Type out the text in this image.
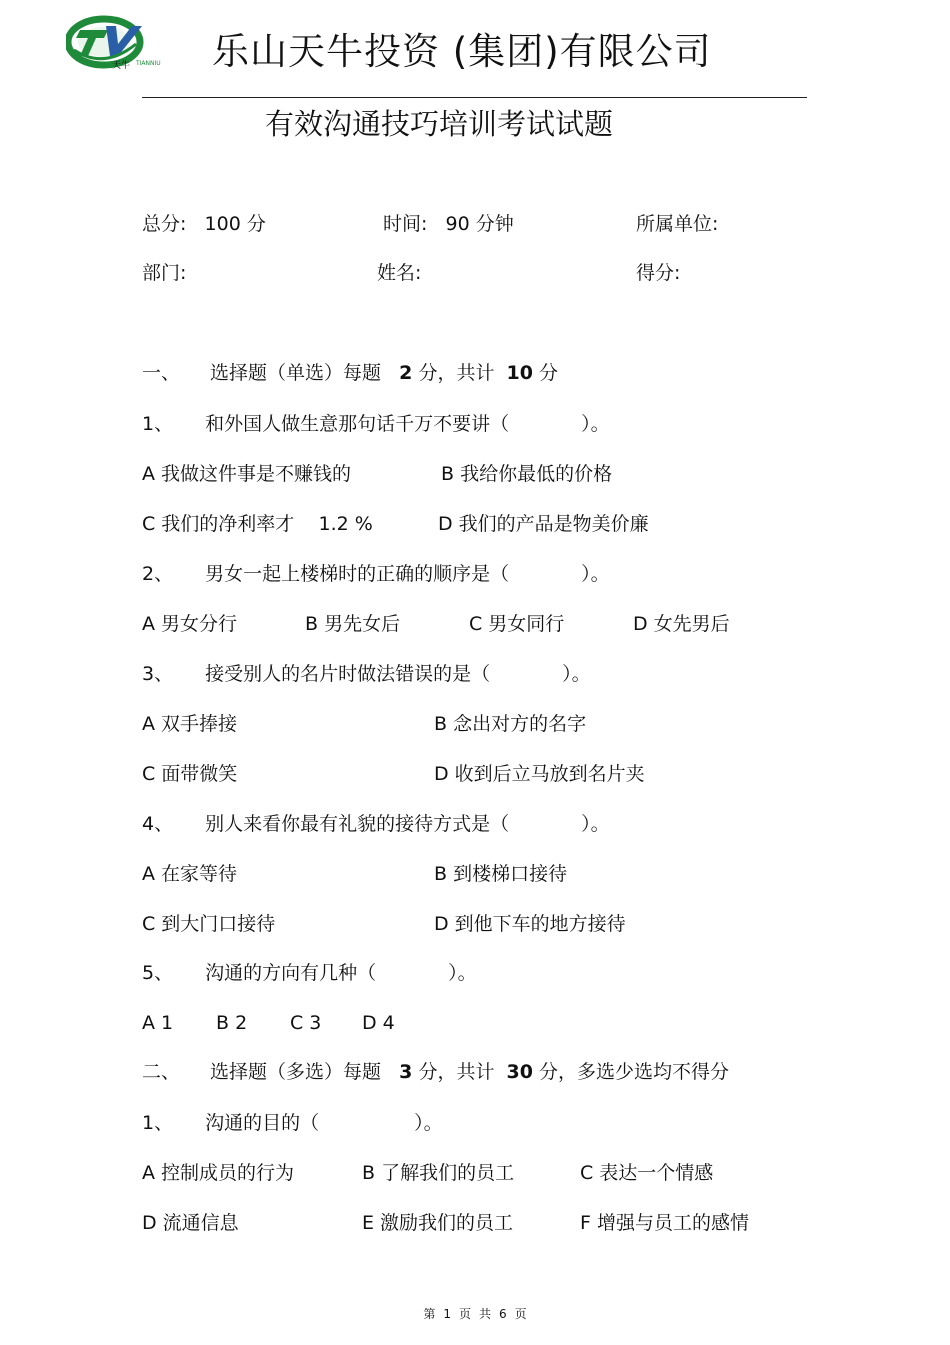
天牛 TIANNIU 乐山天牛投资 (集团)有限公司
有效沟通技巧培训考试试题
总分: 100 分	时间: 90 分钟	所属单位:
部门:	姓名:	得分:
一、 选择题（单选）每题 2 分，共计 10 分
1、 和外国人做生意那句话千万不要讲（	）。
A 我做这件事是不赚钱的	B 我给你最低的价格
C 我们的净利率才 1.2 %	D 我们的产品是物美价廉
2、 男女一起上楼梯时的正确的顺序是（	）。
A 男女分行	B 男先女后	C 男女同行	D 女先男后
3、 接受别人的名片时做法错误的是（	）。
A 双手捧接	B 念出对方的名字
C 面带微笑	D 收到后立马放到名片夹
4、 别人来看你最有礼貌的接待方式是（	）。
A 在家等待	B 到楼梯口接待
C 到大门口接待	D 到他下车的地方接待
5、 沟通的方向有几种（	）。
A 1 B 2 C 3 D 4
二、 选择题（多选）每题 3 分，共计 30 分，多选少选均不得分
1、 沟通的目的（	）。
A 控制成员的行为	B 了解我们的员工	C 表达一个情感
D 流通信息	E 激励我们的员工	F 增强与员工的感情
第 1 页 共 6 页
